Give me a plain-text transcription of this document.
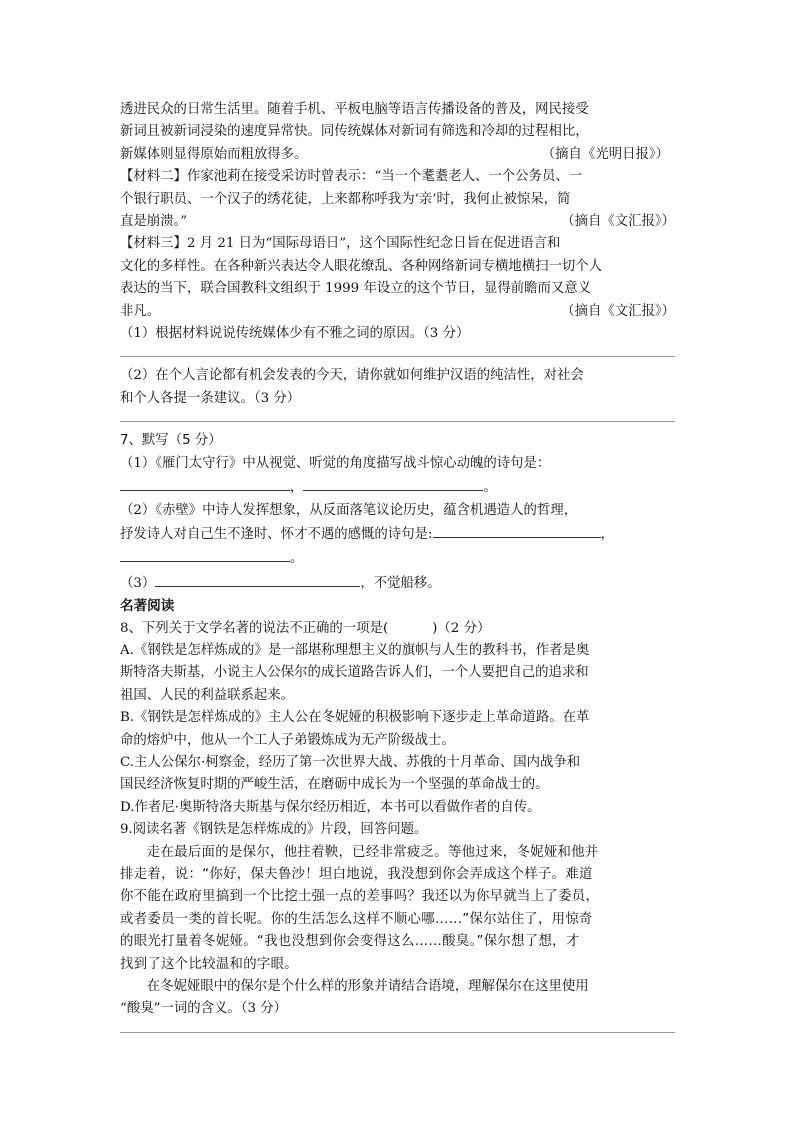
透进民众的日常生活里。随着手机、平板电脑等语言传播设备的普及，网民接受

新词且被新词浸染的速度异常快。同传统媒体对新词有筛选和冷却的过程相比，

新媒体则显得原始而粗放得多。	（摘自《光明日报》）

【材料二】作家池莉在接受采访时曾表示：“当一个耄耋老人、一个公务员、一

个银行职员、一个汉子的绣花徒，上来都称呼我为‘亲’时，我何止被惊呆，简

直是崩溃。”	（摘自《文汇报》）

【材料三】2 月 21 日为“国际母语日”，这个国际性纪念日旨在促进语言和

文化的多样性。在各种新兴表达令人眼花缭乱、各种网络新词专横地横扫一切个人

表达的当下，联合国教科文组织于 1999 年设立的这个节日，显得前瞻而又意义

非凡。	（摘自《文汇报》）

（1）根据材料说说传统媒体少有不雅之词的原因。（3 分）

（2）在个人言论都有机会发表的今天，请你就如何维护汉语的纯洁性，对社会

和个人各提一条建议。（3 分）

7、默写（5 分）

（1）《雁门太守行》中从视觉、听觉的角度描写战斗惊心动魄的诗句是：

，	。

（2）《赤壁》中诗人发挥想象，从反面落笔议论历史，蕴含机遇造人的哲理，

抒发诗人对自己生不逢时、怀才不遇的感慨的诗句是:	，

。

（3）	，不觉船移。

名著阅读

8、下列关于文学名著的说法不正确的一项是(	)（2 分）

A.《钢铁是怎样炼成的》是一部堪称理想主义的旗帜与人生的教科书，作者是奥

斯特洛夫斯基，小说主人公保尔的成长道路告诉人们，一个人要把自己的追求和

祖国、人民的利益联系起来。

B.《钢铁是怎样炼成的》主人公在冬妮娅的积极影响下逐步走上革命道路。在革

命的熔炉中，他从一个工人子弟锻炼成为无产阶级战士。

C.主人公保尔·柯察金，经历了第一次世界大战、苏俄的十月革命、国内战争和

国民经济恢复时期的严峻生活，在磨砺中成长为一个坚强的革命战士的。

D.作者尼·奥斯特洛夫斯基与保尔经历相近，本书可以看做作者的自传。

9.阅读名著《钢铁是怎样炼成的》片段，回答问题。

走在最后面的是保尔，他拄着鞅，已经非常疲乏。等他过来，冬妮娅和他并

排走着，说：“你好，保夫鲁沙！坦白地说，我没想到你会弄成这个样子。难道

你不能在政府里搞到一个比挖土强一点的差事吗？我还以为你早就当上了委员，

或者委员一类的首长呢。你的生活怎么这样不顺心哪……”保尔站住了，用惊奇

的眼光打量着冬妮娅。“我也没想到你会变得这么……酸臭。”保尔想了想，才

找到了这个比较温和的字眼。

在冬妮娅眼中的保尔是个什么样的形象并请结合语境，理解保尔在这里使用

“酸臭”一词的含义。（3 分）
